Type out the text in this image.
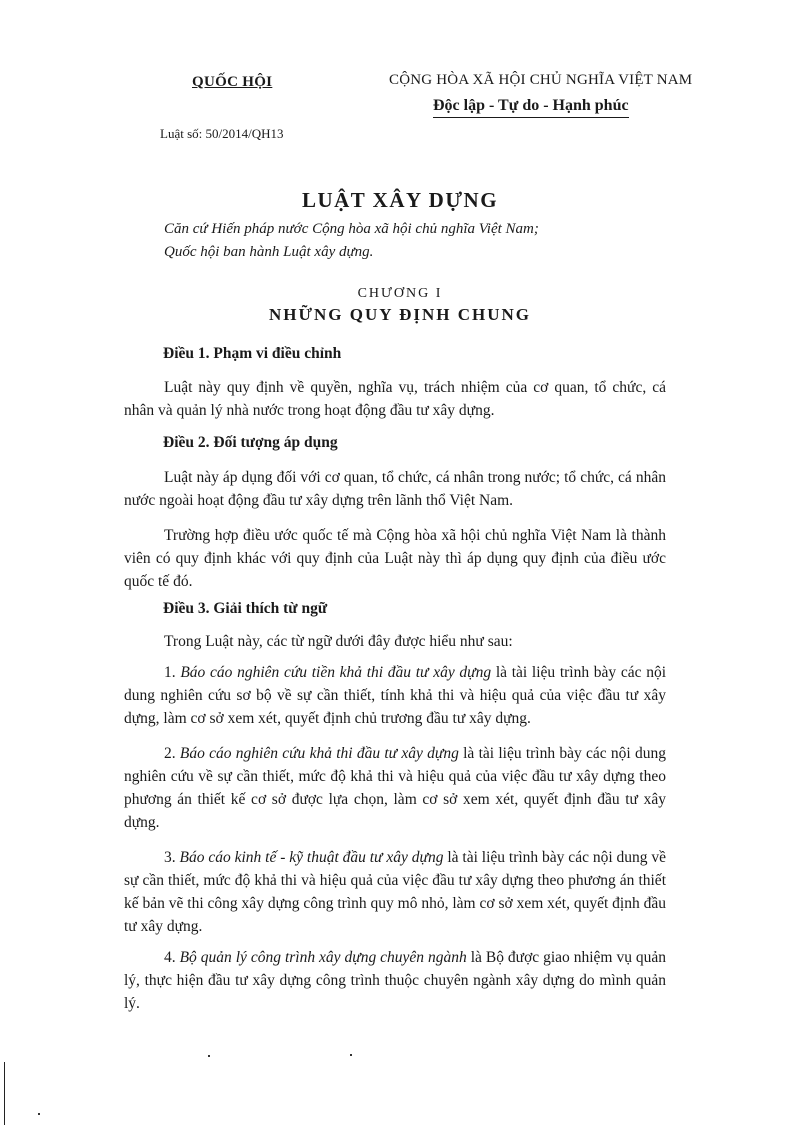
QUỐC HỘI	CỘNG HÒA XÃ HỘI CHỦ NGHĨA VIỆT NAM
Độc lập - Tự do - Hạnh phúc
Luật số: 50/2014/QH13
LUẬT XÂY DỰNG
Căn cứ Hiến pháp nước Cộng hòa xã hội chủ nghĩa Việt Nam;
Quốc hội ban hành Luật xây dựng.
CHƯƠNG I
NHỮNG QUY ĐỊNH CHUNG
Điều 1. Phạm vi điều chỉnh
Luật này quy định về quyền, nghĩa vụ, trách nhiệm của cơ quan, tổ chức, cá nhân và quản lý nhà nước trong hoạt động đầu tư xây dựng.
Điều 2. Đối tượng áp dụng
Luật này áp dụng đối với cơ quan, tổ chức, cá nhân trong nước; tổ chức, cá nhân nước ngoài hoạt động đầu tư xây dựng trên lãnh thổ Việt Nam.
Trường hợp điều ước quốc tế mà Cộng hòa xã hội chủ nghĩa Việt Nam là thành viên có quy định khác với quy định của Luật này thì áp dụng quy định của điều ước quốc tế đó.
Điều 3. Giải thích từ ngữ
Trong Luật này, các từ ngữ dưới đây được hiểu như sau:
1. Báo cáo nghiên cứu tiền khả thi đầu tư xây dựng là tài liệu trình bày các nội dung nghiên cứu sơ bộ về sự cần thiết, tính khả thi và hiệu quả của việc đầu tư xây dựng, làm cơ sở xem xét, quyết định chủ trương đầu tư xây dựng.
2. Báo cáo nghiên cứu khả thi đầu tư xây dựng là tài liệu trình bày các nội dung nghiên cứu về sự cần thiết, mức độ khả thi và hiệu quả của việc đầu tư xây dựng theo phương án thiết kế cơ sở được lựa chọn, làm cơ sở xem xét, quyết định đầu tư xây dựng.
3. Báo cáo kinh tế - kỹ thuật đầu tư xây dựng là tài liệu trình bày các nội dung về sự cần thiết, mức độ khả thi và hiệu quả của việc đầu tư xây dựng theo phương án thiết kế bản vẽ thi công xây dựng công trình quy mô nhỏ, làm cơ sở xem xét, quyết định đầu tư xây dựng.
4. Bộ quản lý công trình xây dựng chuyên ngành là Bộ được giao nhiệm vụ quản lý, thực hiện đầu tư xây dựng công trình thuộc chuyên ngành xây dựng do mình quản lý.
